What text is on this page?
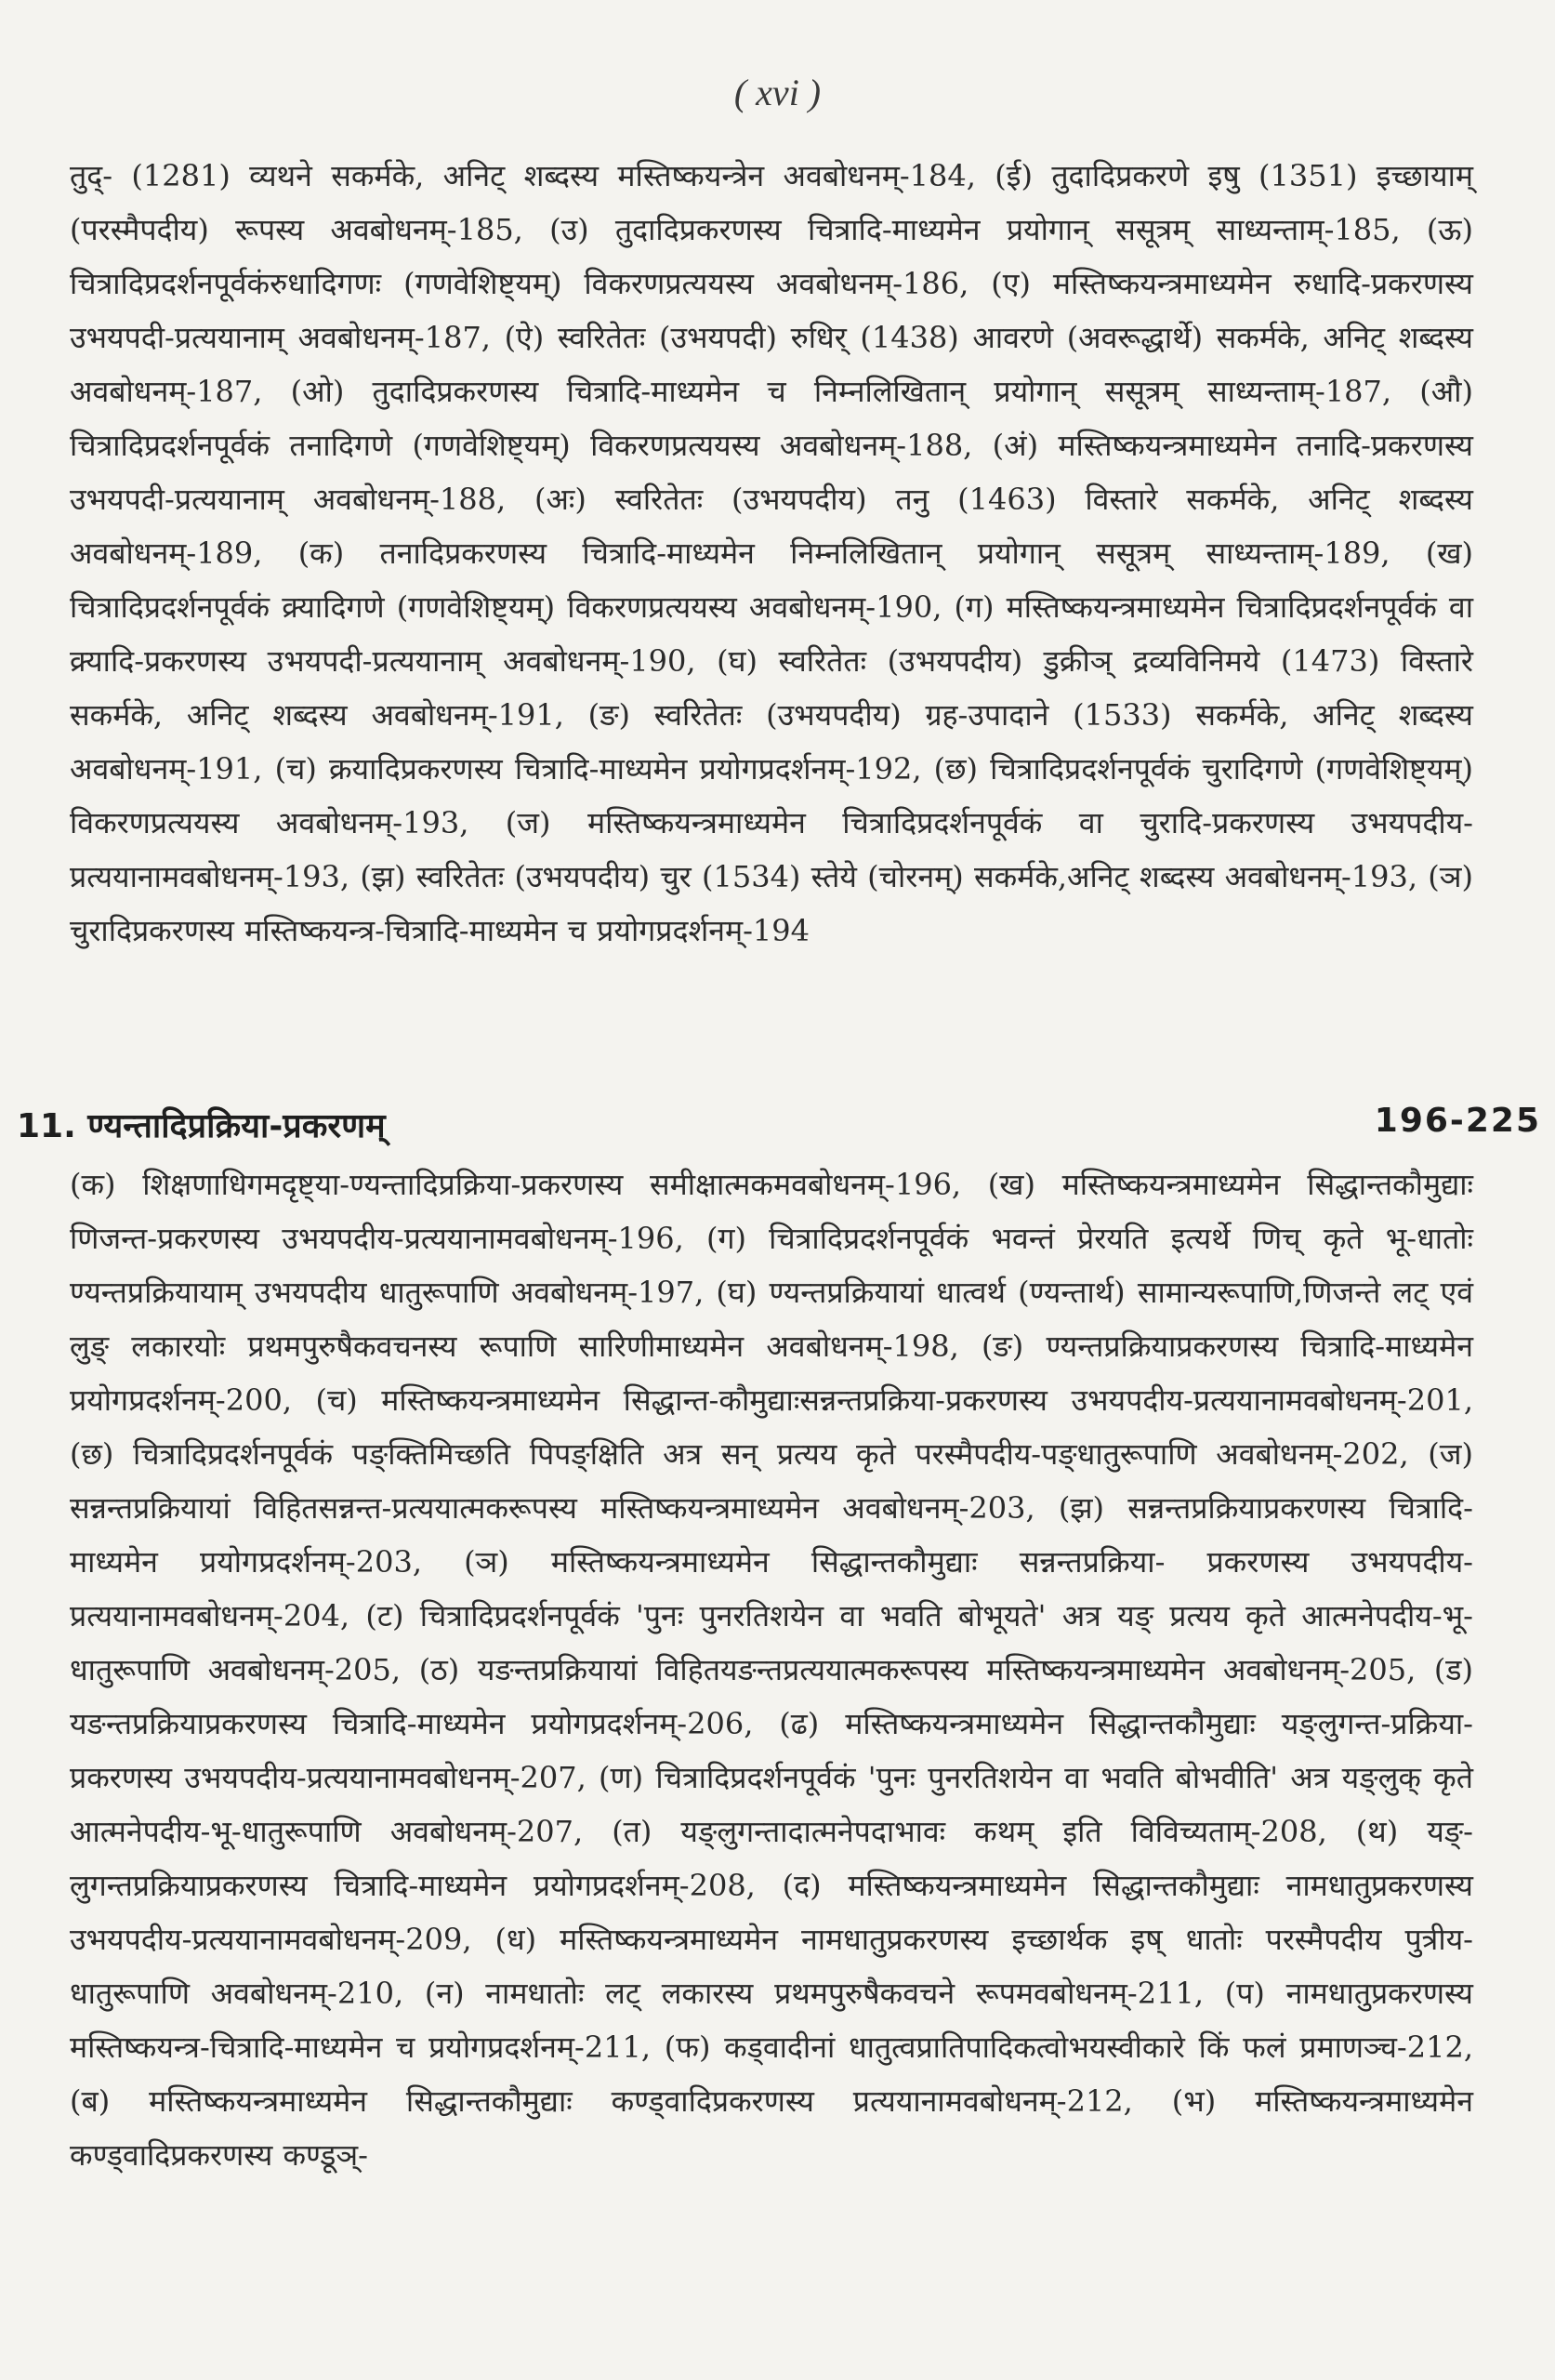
( xvi )
तुद्- (1281) व्यथने सकर्मके, अनिट् शब्दस्य मस्तिष्कयन्त्रेन अवबोधनम्-184, (ई) तुदादिप्रकरणे इषु (1351) इच्छायाम् (परस्मैपदीय) रूपस्य अवबोधनम्-185, (उ) तुदादिप्रकरणस्य चित्रादि-माध्यमेन प्रयोगान् ससूत्रम् साध्यन्ताम्-185, (ऊ) चित्रादिप्रदर्शनपूर्वकंरुधादिगणः (गणवेशिष्ट्यम्) विकरणप्रत्ययस्य अवबोधनम्-186, (ए) मस्तिष्कयन्त्रमाध्यमेन रुधादि-प्रकरणस्य उभयपदी-प्रत्ययानाम् अवबोधनम्-187, (ऐ) स्वरितेतः (उभयपदी) रुधिर् (1438) आवरणे (अवरूद्धार्थे) सकर्मके, अनिट् शब्दस्य अवबोधनम्-187, (ओ) तुदादिप्रकरणस्य चित्रादि-माध्यमेन च निम्नलिखितान् प्रयोगान् ससूत्रम् साध्यन्ताम्-187, (औ) चित्रादिप्रदर्शनपूर्वकं तनादिगणे (गणवेशिष्ट्यम्) विकरणप्रत्ययस्य अवबोधनम्-188, (अं) मस्तिष्कयन्त्रमाध्यमेन तनादि-प्रकरणस्य उभयपदी-प्रत्ययानाम् अवबोधनम्-188, (अः) स्वरितेतः (उभयपदीय) तनु (1463) विस्तारे सकर्मके, अनिट् शब्दस्य अवबोधनम्-189, (क) तनादिप्रकरणस्य चित्रादि-माध्यमेन निम्नलिखितान् प्रयोगान् ससूत्रम् साध्यन्ताम्-189, (ख) चित्रादिप्रदर्शनपूर्वकं क्र्यादिगणे (गणवेशिष्ट्यम्) विकरणप्रत्ययस्य अवबोधनम्-190, (ग) मस्तिष्कयन्त्रमाध्यमेन चित्रादिप्रदर्शनपूर्वकं वा क्र्यादि-प्रकरणस्य उभयपदी-प्रत्ययानाम् अवबोधनम्-190, (घ) स्वरितेतः (उभयपदीय) डुक्रीञ् द्रव्यविनिमये (1473) विस्तारे सकर्मके, अनिट् शब्दस्य अवबोधनम्-191, (ङ) स्वरितेतः (उभयपदीय) ग्रह-उपादाने (1533) सकर्मके, अनिट् शब्दस्य अवबोधनम्-191, (च) क्रयादिप्रकरणस्य चित्रादि-माध्यमेन प्रयोगप्रदर्शनम्-192, (छ) चित्रादिप्रदर्शनपूर्वकं चुरादिगणे (गणवेशिष्ट्यम्) विकरणप्रत्ययस्य अवबोधनम्-193, (ज) मस्तिष्कयन्त्रमाध्यमेन चित्रादिप्रदर्शनपूर्वकं वा चुरादि-प्रकरणस्य उभयपदीय- प्रत्ययानामवबोधनम्-193, (झ) स्वरितेतः (उभयपदीय) चुर (1534) स्तेये (चोरनम्) सकर्मके,अनिट् शब्दस्य अवबोधनम्-193, (ञ) चुरादिप्रकरणस्य मस्तिष्कयन्त्र-चित्रादि-माध्यमेन च प्रयोगप्रदर्शनम्-194
11. ण्यन्तादिप्रक्रिया-प्रकरणम्	196-225
(क) शिक्षणाधिगमदृष्ट्या-ण्यन्तादिप्रक्रिया-प्रकरणस्य समीक्षात्मकमवबोधनम्-196, (ख) मस्तिष्कयन्त्रमाध्यमेन सिद्धान्तकौमुद्याः णिजन्त-प्रकरणस्य उभयपदीय-प्रत्ययानामवबोधनम्-196, (ग) चित्रादिप्रदर्शनपूर्वकं भवन्तं प्रेरयति इत्यर्थे णिच् कृते भू-धातोः ण्यन्तप्रक्रियायाम् उभयपदीय धातुरूपाणि अवबोधनम्-197, (घ) ण्यन्तप्रक्रियायां धात्वर्थ (ण्यन्तार्थ) सामान्यरूपाणि,णिजन्ते लट् एवं लुङ् लकारयोः प्रथमपुरुषैकवचनस्य रूपाणि सारिणीमाध्यमेन अवबोधनम्-198, (ङ) ण्यन्तप्रक्रियाप्रकरणस्य चित्रादि-माध्यमेन प्रयोगप्रदर्शनम्-200, (च) मस्तिष्कयन्त्रमाध्यमेन सिद्धान्त-कौमुद्याःसन्नन्तप्रक्रिया-प्रकरणस्य उभयपदीय-प्रत्ययानामवबोधनम्-201, (छ) चित्रादिप्रदर्शनपूर्वकं पङ्क्तिमिच्छति पिपङ्क्षिति अत्र सन् प्रत्यय कृते परस्मैपदीय-पङ्धातुरूपाणि अवबोधनम्-202, (ज) सन्नन्तप्रक्रियायां विहितसन्नन्त-प्रत्ययात्मकरूपस्य मस्तिष्कयन्त्रमाध्यमेन अवबोधनम्-203, (झ) सन्नन्तप्रक्रियाप्रकरणस्य चित्रादि-माध्यमेन प्रयोगप्रदर्शनम्-203, (ञ) मस्तिष्कयन्त्रमाध्यमेन सिद्धान्तकौमुद्याः सन्नन्तप्रक्रिया- प्रकरणस्य उभयपदीय-प्रत्ययानामवबोधनम्-204, (ट) चित्रादिप्रदर्शनपूर्वकं 'पुनः पुनरतिशयेन वा भवति बोभूयते' अत्र यङ् प्रत्यय कृते आत्मनेपदीय-भू-धातुरूपाणि अवबोधनम्-205, (ठ) यङन्तप्रक्रियायां विहितयङन्तप्रत्ययात्मकरूपस्य मस्तिष्कयन्त्रमाध्यमेन अवबोधनम्-205, (ड) यङन्तप्रक्रियाप्रकरणस्य चित्रादि-माध्यमेन प्रयोगप्रदर्शनम्-206, (ढ) मस्तिष्कयन्त्रमाध्यमेन सिद्धान्तकौमुद्याः यङ्लुगन्त-प्रक्रिया-प्रकरणस्य उभयपदीय-प्रत्ययानामवबोधनम्-207, (ण) चित्रादिप्रदर्शनपूर्वकं 'पुनः पुनरतिशयेन वा भवति बोभवीति' अत्र यङ्लुक् कृते आत्मनेपदीय-भू-धातुरूपाणि अवबोधनम्-207, (त) यङ्लुगन्तादात्मनेपदाभावः कथम् इति विविच्यताम्-208, (थ) यङ्-लुगन्तप्रक्रियाप्रकरणस्य चित्रादि-माध्यमेन प्रयोगप्रदर्शनम्-208, (द) मस्तिष्कयन्त्रमाध्यमेन सिद्धान्तकौमुद्याः नामधातुप्रकरणस्य उभयपदीय-प्रत्ययानामवबोधनम्-209, (ध) मस्तिष्कयन्त्रमाध्यमेन नामधातुप्रकरणस्य इच्छार्थक इष् धातोः परस्मैपदीय पुत्रीय-धातुरूपाणि अवबोधनम्-210, (न) नामधातोः लट् लकारस्य प्रथमपुरुषैकवचने रूपमवबोधनम्-211, (प) नामधातुप्रकरणस्य मस्तिष्कयन्त्र-चित्रादि-माध्यमेन च प्रयोगप्रदर्शनम्-211, (फ) कड्वादीनां धातुत्वप्रातिपादिकत्वोभयस्वीकारे किं फलं प्रमाणञ्च-212, (ब) मस्तिष्कयन्त्रमाध्यमेन सिद्धान्तकौमुद्याः कण्ड्वादिप्रकरणस्य प्रत्ययानामवबोधनम्-212, (भ) मस्तिष्कयन्त्रमाध्यमेन कण्ड्वादिप्रकरणस्य कण्डूञ्-
